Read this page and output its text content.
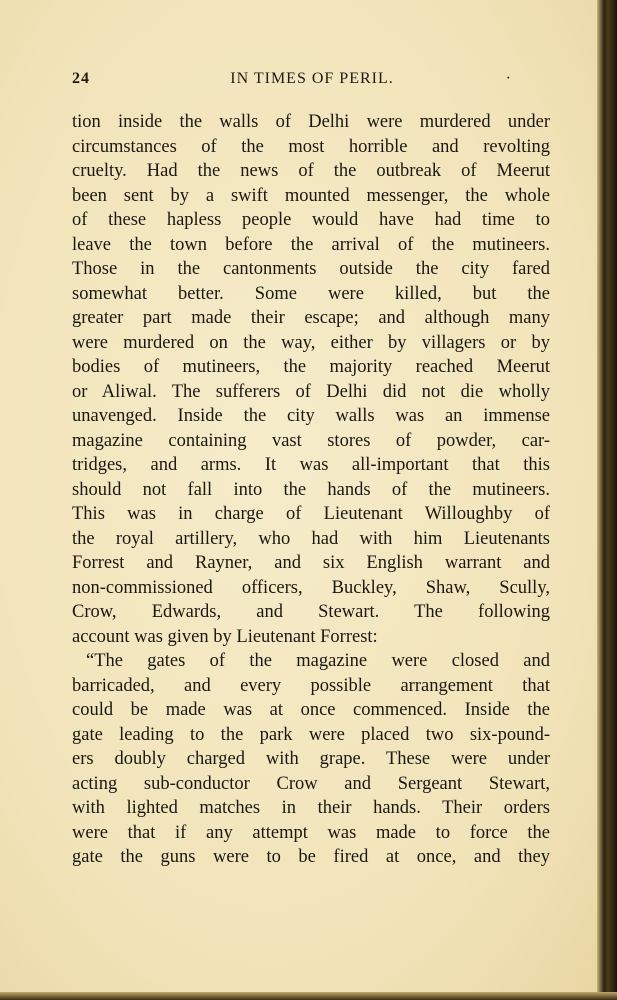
24	IN TIMES OF PERIL.	·
tion inside the walls of Delhi were murdered under
circumstances of the most horrible and revolting
cruelty. Had the news of the outbreak of Meerut
been sent by a swift mounted messenger, the whole
of these hapless people would have had time to
leave the town before the arrival of the mutineers.
Those in the cantonments outside the city fared
somewhat better. Some were killed, but the
greater part made their escape; and although many
were murdered on the way, either by villagers or by
bodies of mutineers, the majority reached Meerut
or Aliwal. The sufferers of Delhi did not die wholly
unavenged. Inside the city walls was an immense
magazine containing vast stores of powder, car-
tridges, and arms. It was all-important that this
should not fall into the hands of the mutineers.
This was in charge of Lieutenant Willoughby of
the royal artillery, who had with him Lieutenants
Forrest and Rayner, and six English warrant and
non-commissioned officers, Buckley, Shaw, Scully,
Crow, Edwards, and Stewart. The following
account was given by Lieutenant Forrest:
“The gates of the magazine were closed and
barricaded, and every possible arrangement that
could be made was at once commenced. Inside the
gate leading to the park were placed two six-pound-
ers doubly charged with grape. These were under
acting sub-conductor Crow and Sergeant Stewart,
with lighted matches in their hands. Their orders
were that if any attempt was made to force the
gate the guns were to be fired at once, and they
